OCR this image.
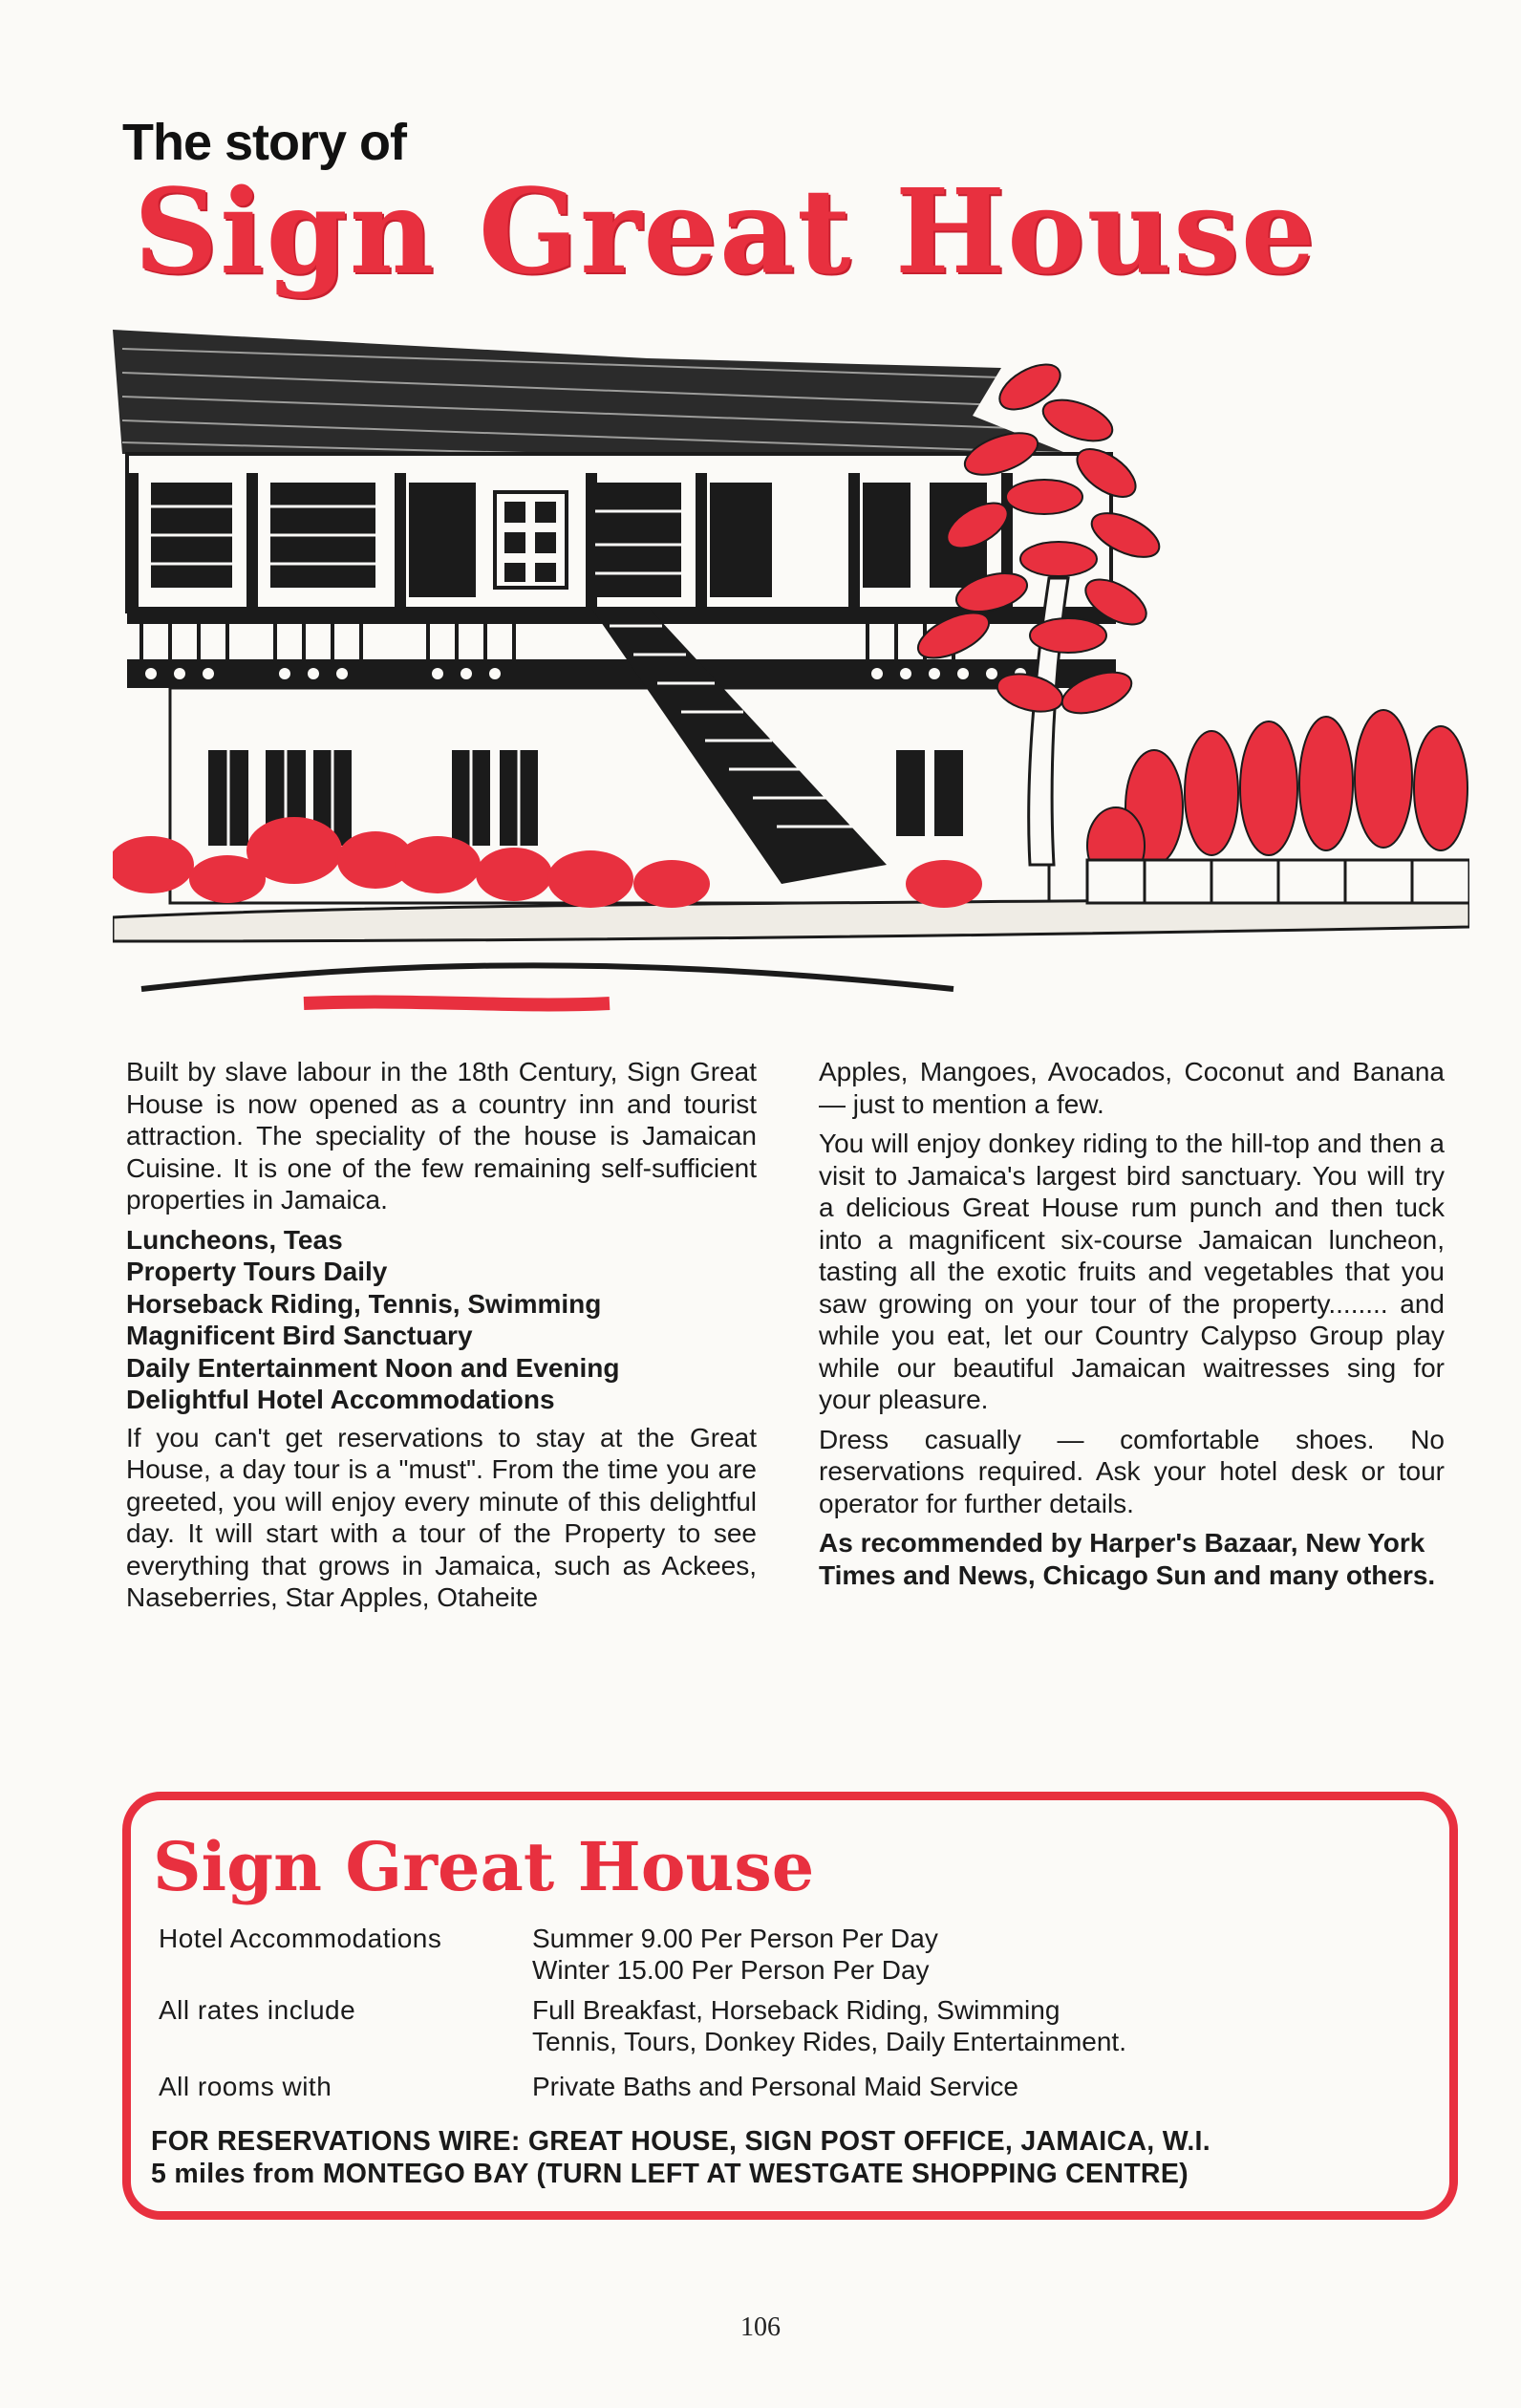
The story of
Sign Great House

Built by slave labour in the 18th Century, Sign Great House is now opened as a country inn and tourist attraction. The speciality of the house is Jamaican Cuisine. It is one of the few remaining self-sufficient properties in Jamaica.

Luncheons, Teas
Property Tours Daily
Horseback Riding, Tennis, Swimming
Magnificent Bird Sanctuary
Daily Entertainment Noon and Evening
Delightful Hotel Accommodations

If you can't get reservations to stay at the Great House, a day tour is a "must". From the time you are greeted, you will enjoy every minute of this delightful day. It will start with a tour of the Property to see everything that grows in Jamaica, such as Ackees, Naseberries, Star Apples, Otaheite

Apples, Mangoes, Avocados, Coconut and Banana — just to mention a few.

You will enjoy donkey riding to the hill-top and then a visit to Jamaica's largest bird sanctuary. You will try a delicious Great House rum punch and then tuck into a magnificent six-course Jamaican luncheon, tasting all the exotic fruits and vegetables that you saw growing on your tour of the property........ and while you eat, let our Country Calypso Group play while our beautiful Jamaican waitresses sing for your pleasure.

Dress casually — comfortable shoes. No reservations required. Ask your hotel desk or tour operator for further details.

As recommended by Harper's Bazaar, New York Times and News, Chicago Sun and many others.

Sign Great House
Hotel Accommodations	Summer 9.00 Per Person Per Day
Winter 15.00 Per Person Per Day
All rates include	Full Breakfast, Horseback Riding, Swimming
Tennis, Tours, Donkey Rides, Daily Entertainment.
All rooms with	Private Baths and Personal Maid Service
FOR RESERVATIONS WIRE: GREAT HOUSE, SIGN POST OFFICE, JAMAICA, W.I.
5 miles from MONTEGO BAY (TURN LEFT AT WESTGATE SHOPPING CENTRE)
106
